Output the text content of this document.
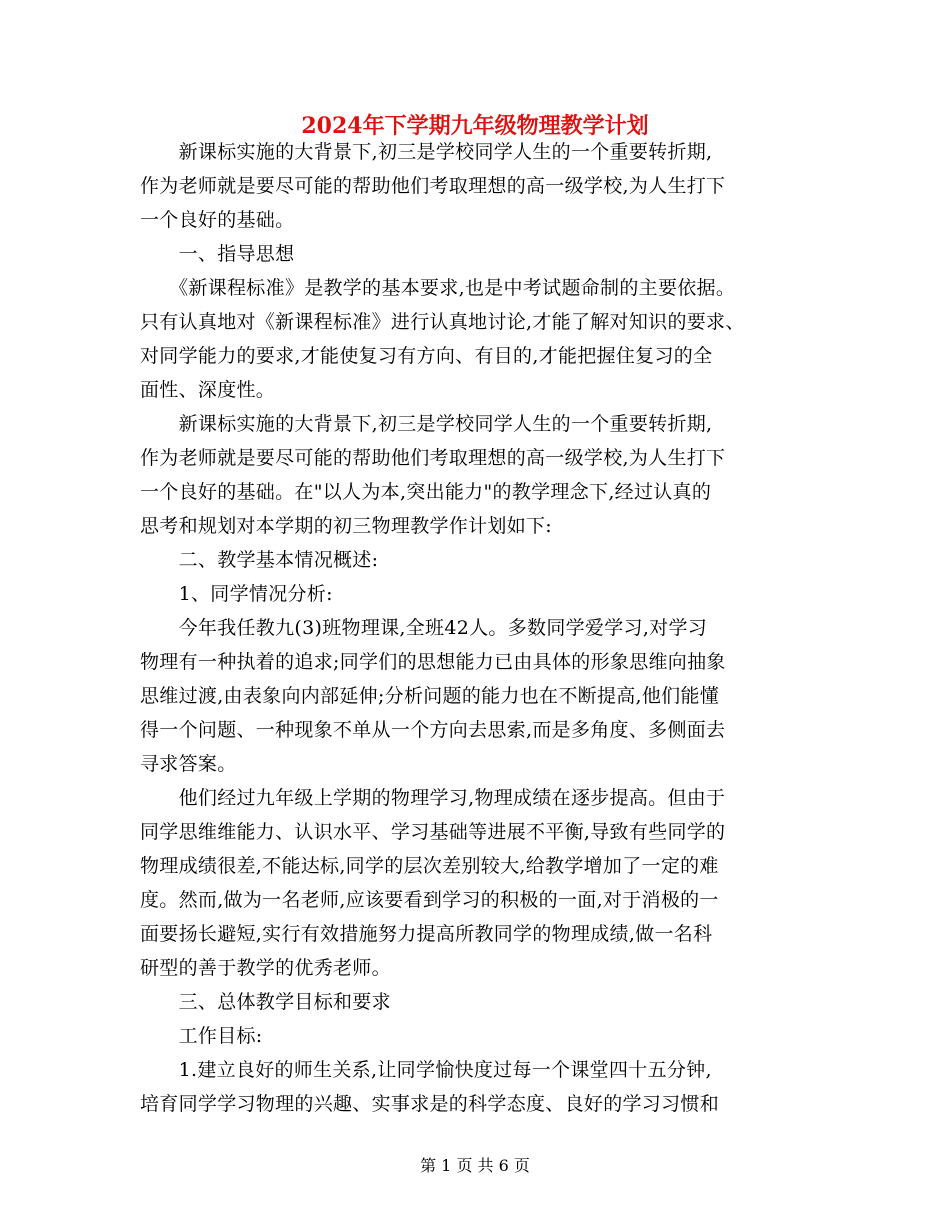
2024年下学期九年级物理教学计划
　　新课标实施的大背景下,初三是学校同学人生的一个重要转折期,
作为老师就是要尽可能的帮助他们考取理想的高一级学校,为人生打下
一个良好的基础。
　　一、指导思想
　　《新课程标准》是教学的基本要求,也是中考试题命制的主要依据。
只有认真地对《新课程标准》进行认真地讨论,才能了解对知识的要求、
对同学能力的要求,才能使复习有方向、有目的,才能把握住复习的全
面性、深度性。
　　新课标实施的大背景下,初三是学校同学人生的一个重要转折期,
作为老师就是要尽可能的帮助他们考取理想的高一级学校,为人生打下
一个良好的基础。在"以人为本,突出能力"的教学理念下,经过认真的
思考和规划对本学期的初三物理教学作计划如下:
　　二、教学基本情况概述:
　　1、同学情况分析:
　　今年我任教九(3)班物理课,全班42人。多数同学爱学习,对学习
物理有一种执着的追求;同学们的思想能力已由具体的形象思维向抽象
思维过渡,由表象向内部延伸;分析问题的能力也在不断提高,他们能懂
得一个问题、一种现象不单从一个方向去思索,而是多角度、多侧面去
寻求答案。
　　他们经过九年级上学期的物理学习,物理成绩在逐步提高。但由于
同学思维维能力、认识水平、学习基础等进展不平衡,导致有些同学的
物理成绩很差,不能达标,同学的层次差别较大,给教学增加了一定的难
度。然而,做为一名老师,应该要看到学习的积极的一面,对于消极的一
面要扬长避短,实行有效措施努力提高所教同学的物理成绩,做一名科
研型的善于教学的优秀老师。
　　三、总体教学目标和要求
　　工作目标:
　　1.建立良好的师生关系,让同学愉快度过每一个课堂四十五分钟,
培育同学学习物理的兴趣、实事求是的科学态度、良好的学习习惯和
第 1 页 共 6 页
